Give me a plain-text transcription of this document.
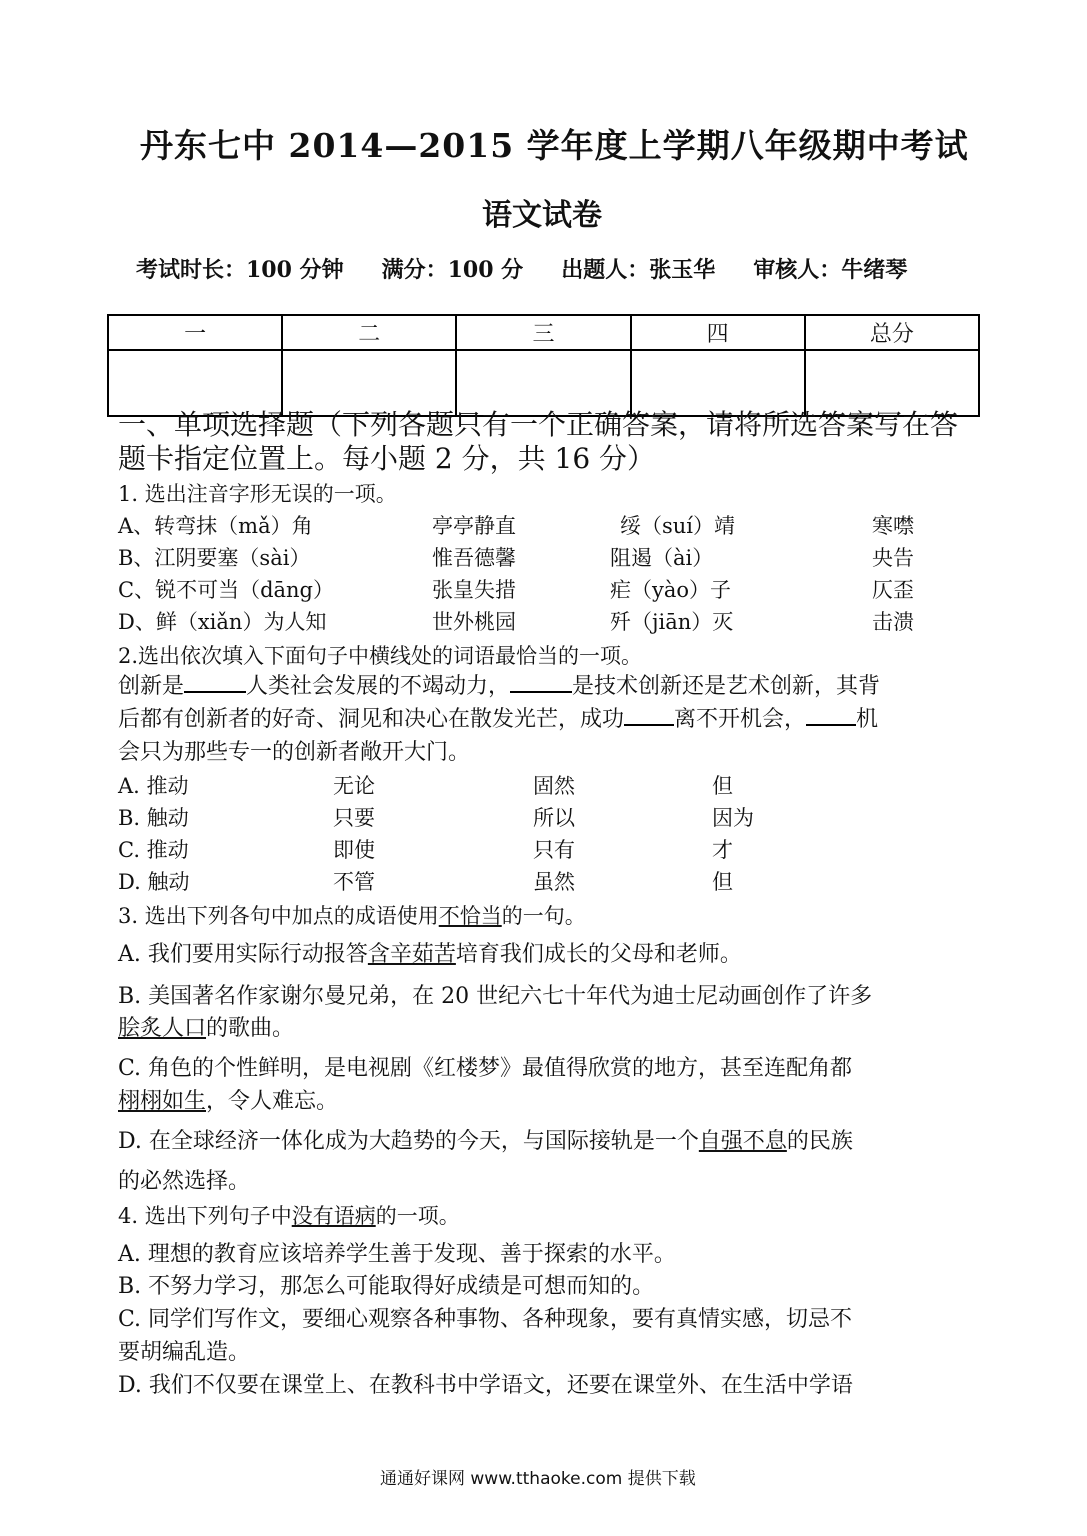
丹东七中 2014—2015 学年度上学期八年级期中考试
语文试卷
考试时长：100 分钟 满分：100 分 出题人：张玉华 审核人：牛绪琴
一	二	三	四	总分

一、单项选择题（下列各题只有一个正确答案，请将所选答案写在答题卡指定位置上。每小题 2 分，共 16 分）
1. 选出注音字形无误的一项。
A、转弯抹（mǎ）角	亭亭静直	绥（suí）靖	寒噤
B、江阴要塞（sài）	惟吾德馨	阻遏（ài）	央告
C、锐不可当（dāng）	张皇失措	疟（yào）子	仄歪
D、鲜（xiǎn）为人知	世外桃园	歼（jiān）灭	击溃
2.选出依次填入下面句子中横线处的词语最恰当的一项。
创新是	人类社会发展的不竭动力，	是技术创新还是艺术创新，其背
后都有创新者的好奇、洞见和决心在散发光芒，成功 离不开机会， 机
会只为那些专一的创新者敞开大门。
A. 推动	无论	固然	但
B. 触动	只要	所以	因为
C. 推动	即使	只有	才
D. 触动	不管	虽然	但
3. 选出下列各句中加点的成语使用不恰当的一句。
A. 我们要用实际行动报答含辛茹苦培育我们成长的父母和老师。
B. 美国著名作家谢尔曼兄弟，在 20 世纪六七十年代为迪士尼动画创作了许多
脍炙人口的歌曲。
C. 角色的个性鲜明，是电视剧《红楼梦》最值得欣赏的地方，甚至连配角都
栩栩如生，令人难忘。
D. 在全球经济一体化成为大趋势的今天，与国际接轨是一个自强不息的民族
的必然选择。
4. 选出下列句子中没有语病的一项。
A. 理想的教育应该培养学生善于发现、善于探索的水平。
B. 不努力学习，那怎么可能取得好成绩是可想而知的。
C. 同学们写作文，要细心观察各种事物、各种现象，要有真情实感，切忌不
要胡编乱造。
D. 我们不仅要在课堂上、在教科书中学语文，还要在课堂外、在生活中学语
通通好课网 www.tthaoke.com 提供下载
